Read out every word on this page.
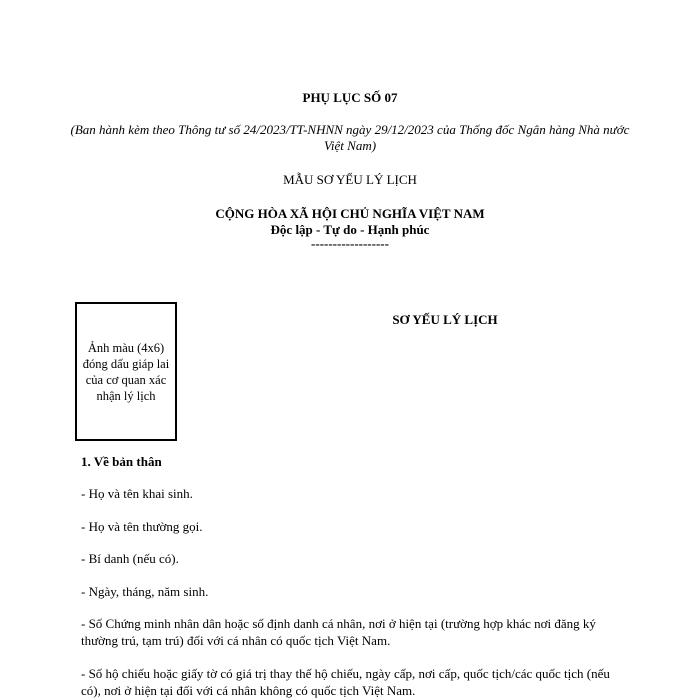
PHỤ LỤC SỐ 07
(Ban hành kèm theo Thông tư số 24/2023/TT-NHNN ngày 29/12/2023 của Thống đốc Ngân hàng Nhà nước Việt Nam)
MẪU SƠ YẾU LÝ LỊCH
CỘNG HÒA XÃ HỘI CHỦ NGHĨA VIỆT NAM
Độc lập - Tự do - Hạnh phúc
------------------
Ảnh màu (4x6) đóng dấu giáp lai của cơ quan xác nhận lý lịch
SƠ YẾU LÝ LỊCH
1. Về bản thân
- Họ và tên khai sinh.
- Họ và tên thường gọi.
- Bí danh (nếu có).
- Ngày, tháng, năm sinh.
- Số Chứng minh nhân dân hoặc số định danh cá nhân, nơi ở hiện tại (trường hợp khác nơi đăng ký thường trú, tạm trú) đối với cá nhân có quốc tịch Việt Nam.
- Số hộ chiếu hoặc giấy tờ có giá trị thay thế hộ chiếu, ngày cấp, nơi cấp, quốc tịch/các quốc tịch (nếu có), nơi ở hiện tại đối với cá nhân không có quốc tịch Việt Nam.
